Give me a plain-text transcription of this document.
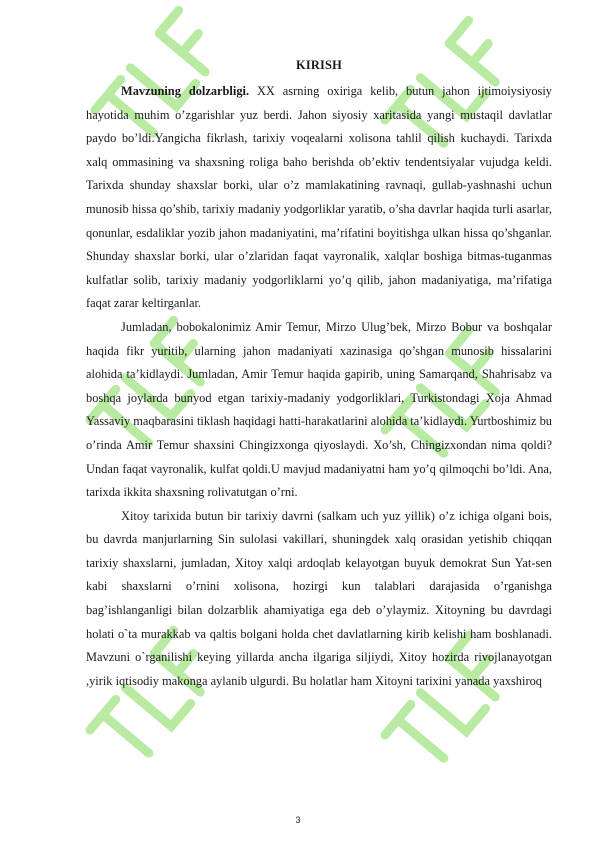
KIRISH

Mavzuning dolzarbligi. XX asrning oxiriga kelib, butun jahon ijtimoiysiyosiy hayotida muhim o’zgarishlar yuz berdi. Jahon siyosiy xaritasida yangi mustaqil davlatlar paydo bo’ldi.Yangicha fikrlash, tarixiy voqealarni xolisona tahlil qilish kuchaydi. Tarixda xalq ommasining va shaxsning roliga baho berishda ob’ektiv tendentsiyalar vujudga keldi. Tarixda shunday shaxslar borki, ular o’z mamlakatining ravnaqi, gullab-yashnashi uchun munosib hissa qo’shib, tarixiy madaniy yodgorliklar yaratib, o’sha davrlar haqida turli asarlar, qonunlar, esdaliklar yozib jahon madaniyatini, ma’rifatini boyitishga ulkan hissa qo’shganlar. Shunday shaxslar borki, ular o’zlaridan faqat vayronalik, xalqlar boshiga bitmas-tuganmas kulfatlar solib, tarixiy madaniy yodgorliklarni yo’q qilib, jahon madaniyatiga, ma’rifatiga faqat zarar keltirganlar.

Jumladan, bobokalonimiz Amir Temur, Mirzo Ulug’bek, Mirzo Bobur va boshqalar haqida fikr yuritib, ularning jahon madaniyati xazinasiga qo’shgan munosib hissalarini alohida ta’kidlaydi. Jumladan, Amir Temur haqida gapirib, uning Samarqand, Shahrisabz va boshqa joylarda bunyod etgan tarixiy-madaniy yodgorliklari, Turkistondagi Xoja Ahmad Yassaviy maqbarasini tiklash haqidagi hatti-harakatlarini alohida ta’kidlaydi. Yurtboshimiz bu o’rinda Amir Temur shaxsini Chingizxonga qiyoslaydi. Xo’sh, Chingizxondan nima qoldi?Undan faqat vayronalik, kulfat qoldi.U mavjud madaniyatni ham yo’q qilmoqchi bo’ldi. Ana, tarixda ikkita shaxsning rolivatutgan o’rni.

Xitoy tarixida butun bir tarixiy davrni (salkam uch yuz yillik) o’z ichiga olgani bois, bu davrda manjurlarning Sin sulolasi vakillari, shuningdek xalq orasidan yetishib chiqqan tarixiy shaxslarni, jumladan, Xitoy xalqi ardoqlab kelayotgan buyuk demokrat Sun Yat-sen kabi shaxslarni o’rnini xolisona, hozirgi kun talablari darajasida o’rganishga bag’ishlanganligi bilan dolzarblik ahamiyatiga ega deb o’ylaymiz. Xitoyning bu davrdagi holati o`ta murakkab va qaltis bolgani holda chet davlatlarning kirib kelishi ham boshlanadi. Mavzuni o`rganilishi keying yillarda ancha ilgariga siljiydi, Xitoy hozirda rivojlanayotgan ,yirik iqtisodiy makonga aylanib ulgurdi. Bu holatlar ham Xitoyni tarixini yanada yaxshiroq

3
